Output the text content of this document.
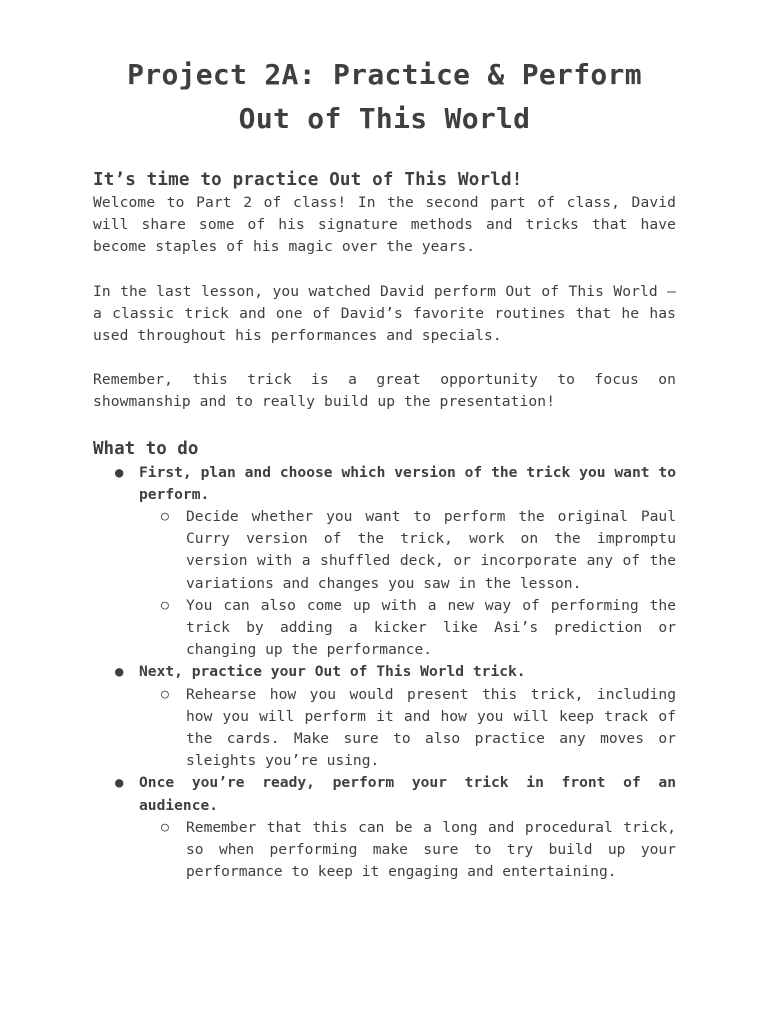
Project 2A: Practice & Perform
Out of This World
It’s time to practice Out of This World!

Welcome to Part 2 of class! In the second part of class, David will share some of his signature methods and tricks that have become staples of his magic over the years.

In the last lesson, you watched David perform Out of This World — a classic trick and one of David’s favorite routines that he has used throughout his performances and specials.

Remember, this trick is a great opportunity to focus on showmanship and to really build up the presentation!

What to do
● First, plan and choose which version of the trick you want to perform.
○ Decide whether you want to perform the original Paul Curry version of the trick, work on the impromptu version with a shuffled deck, or incorporate any of the variations and changes you saw in the lesson.
○ You can also come up with a new way of performing the trick by adding a kicker like Asi’s prediction or changing up the performance.
● Next, practice your Out of This World trick.
○ Rehearse how you would present this trick, including how you will perform it and how you will keep track of the cards. Make sure to also practice any moves or sleights you’re using.
● Once you’re ready, perform your trick in front of an audience.
○ Remember that this can be a long and procedural trick, so when performing make sure to try build up your performance to keep it engaging and entertaining.
